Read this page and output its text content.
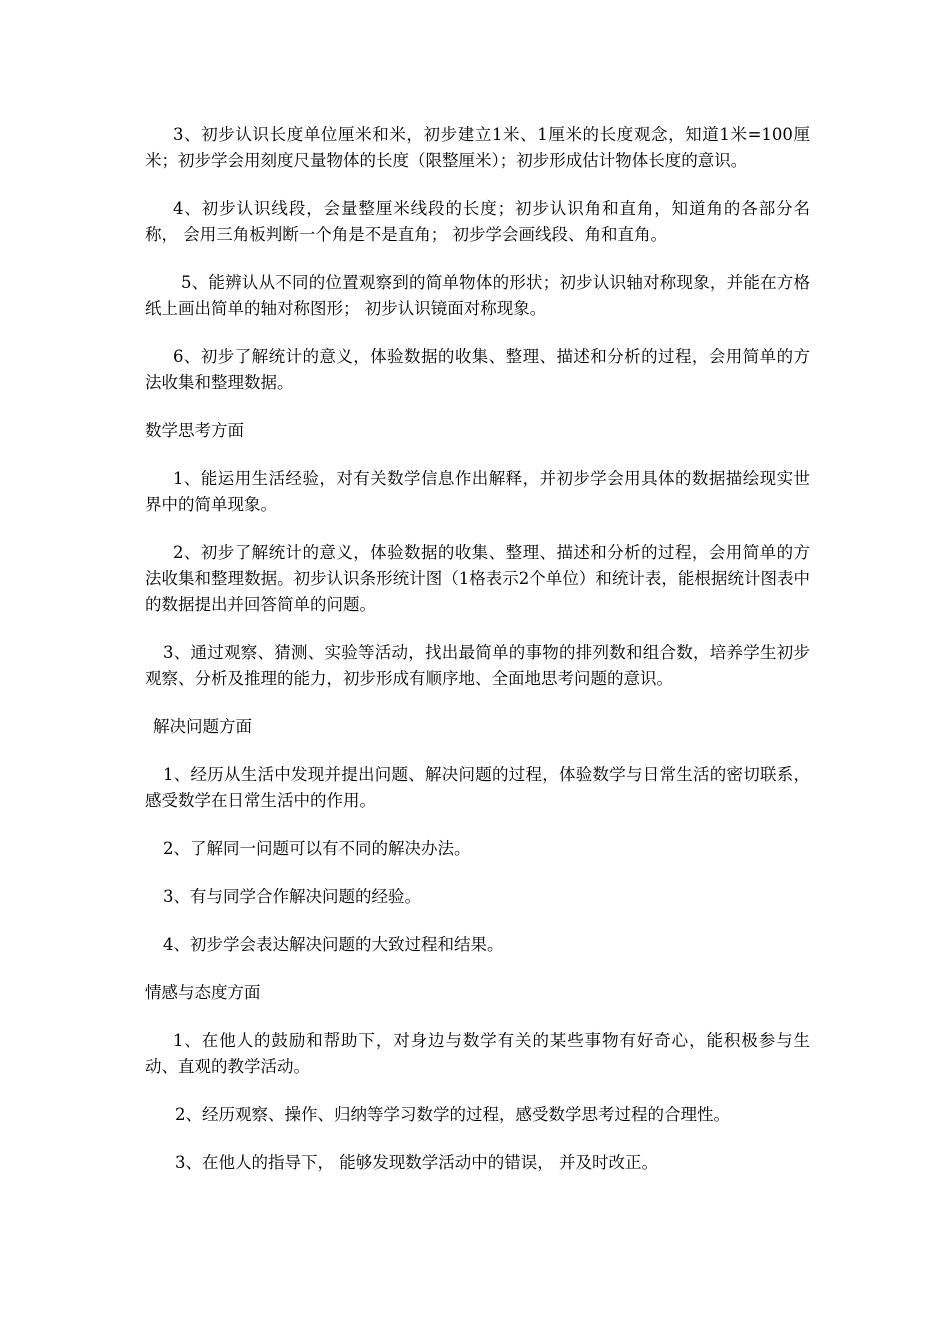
3、初步认识长度单位厘米和米，初步建立1米、1厘米的长度观念，知道1米=100厘米；初步学会用刻度尺量物体的长度（限整厘米）；初步形成估计物体长度的意识。

4、初步认识线段，会量整厘米线段的长度；初步认识角和直角，知道角的各部分名称， 会用三角板判断一个角是不是直角； 初步学会画线段、角和直角。

5、能辨认从不同的位置观察到的简单物体的形状；初步认识轴对称现象，并能在方格纸上画出简单的轴对称图形； 初步认识镜面对称现象。

6、初步了解统计的意义，体验数据的收集、整理、描述和分析的过程，会用简单的方法收集和整理数据。

数学思考方面

1、能运用生活经验，对有关数学信息作出解释，并初步学会用具体的数据描绘现实世界中的简单现象。

2、初步了解统计的意义，体验数据的收集、整理、描述和分析的过程，会用简单的方法收集和整理数据。初步认识条形统计图（1格表示2个单位）和统计表，能根据统计图表中的数据提出并回答简单的问题。

3、通过观察、猜测、实验等活动，找出最简单的事物的排列数和组合数，培养学生初步观察、分析及推理的能力，初步形成有顺序地、全面地思考问题的意识。

解决问题方面

1、经历从生活中发现并提出问题、解决问题的过程，体验数学与日常生活的密切联系， 感受数学在日常生活中的作用。

2、了解同一问题可以有不同的解决办法。

3、有与同学合作解决问题的经验。

4、初步学会表达解决问题的大致过程和结果。

情感与态度方面

1、在他人的鼓励和帮助下，对身边与数学有关的某些事物有好奇心，能积极参与生动、直观的教学活动。

2、经历观察、操作、归纳等学习数学的过程，感受数学思考过程的合理性。

3、在他人的指导下， 能够发现数学活动中的错误， 并及时改正。
